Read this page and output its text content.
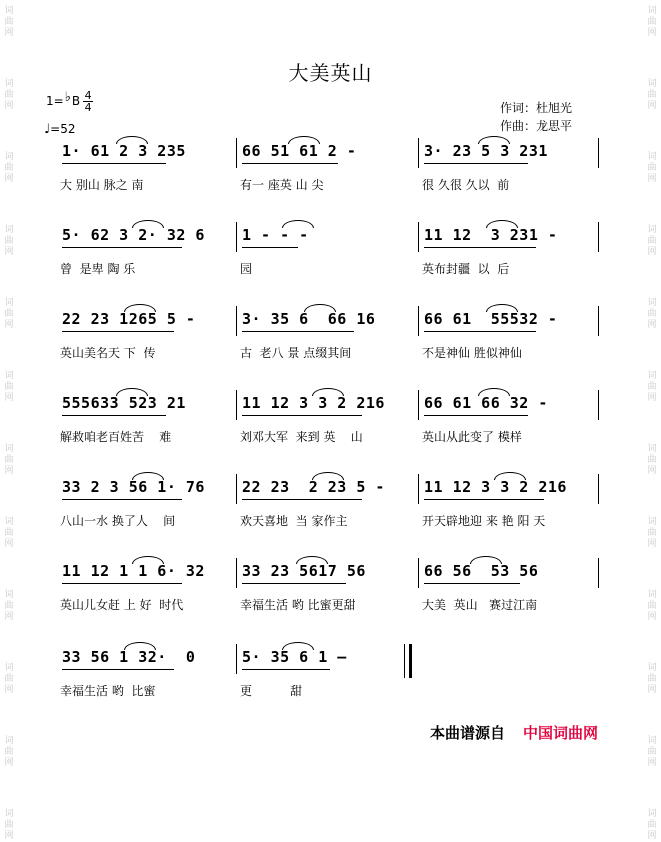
词
曲
网
词
曲
网
词
曲
网
词
曲
网
词
曲
网
词
曲
网
词
曲
网
词
曲
网
词
曲
网
词
曲
网
词
曲
网
词
曲
网
词
曲
网
词
曲
网
词
曲
网
词
曲
网
词
曲
网
词
曲
网
词
曲
网
词
曲
网
词
曲
网
词
曲
网
词
曲
网
词
曲
网
大美英山
1=♭B $\frac{4}{4}$
♩=52
作词：杜旭光
作曲：龙思平
1· 61 2 3 235
大 别山 脉之 南
66 51 61 2 -
有一 座英 山 尖
3· 23 5 3 231
很 久很 久以  前
5· 62 3 2· 32 6
曾  是卑 陶 乐
1 - - -
园
11 12  3 231 -
英布封疆  以  后
22 23 1265 5 -
英山美名天 下  传
3· 35 6  66 16
古  老八 景 点缀其间
66 61  55532 -
不是神仙 胜似神仙
555633 523 21
解救咱老百姓苦    难
11 12 3 3 2 216
刘邓大军  来到 英    山
66 61 66 32 -
英山从此变了 模样
33 2 3 56 1· 76
八山一水 换了人    间
22 23  2 23 5 -
欢天喜地  当 家作主
11 12 3 3 2 216
开天辟地迎 来 艳 阳 天
11 12 1 1 6· 32
英山儿女赶 上 好  时代
33 23 5617 56
幸福生活 哟 比蜜更甜
66 56  53 56
大美  英山   赛过江南
33 56 1 32·  0
幸福生活 哟  比蜜
5· 35 6 1 —
更          甜
本曲谱源自 中国词曲网
